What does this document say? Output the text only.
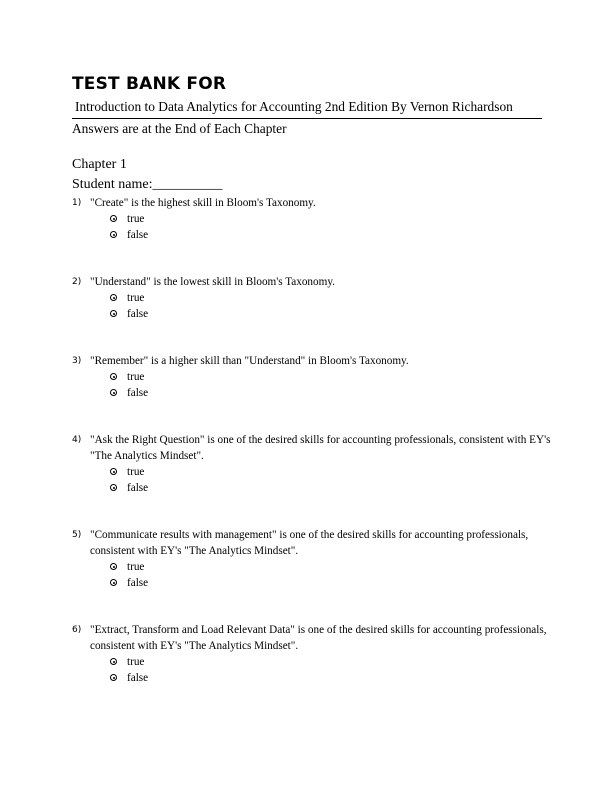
TEST BANK FOR
Introduction to Data Analytics for Accounting 2nd Edition By Vernon Richardson
Answers are at the End of Each Chapter
Chapter 1
Student name:__________
1) "Create" is the highest skill in Bloom's Taxonomy.
true
false
2) "Understand" is the lowest skill in Bloom's Taxonomy.
true
false
3) "Remember" is a higher skill than "Understand" in Bloom's Taxonomy.
true
false
4) "Ask the Right Question" is one of the desired skills for accounting professionals, consistent with EY's "The Analytics Mindset".
true
false
5) "Communicate results with management" is one of the desired skills for accounting professionals, consistent with EY's "The Analytics Mindset".
true
false
6) "Extract, Transform and Load Relevant Data" is one of the desired skills for accounting professionals, consistent with EY's "The Analytics Mindset".
true
false
